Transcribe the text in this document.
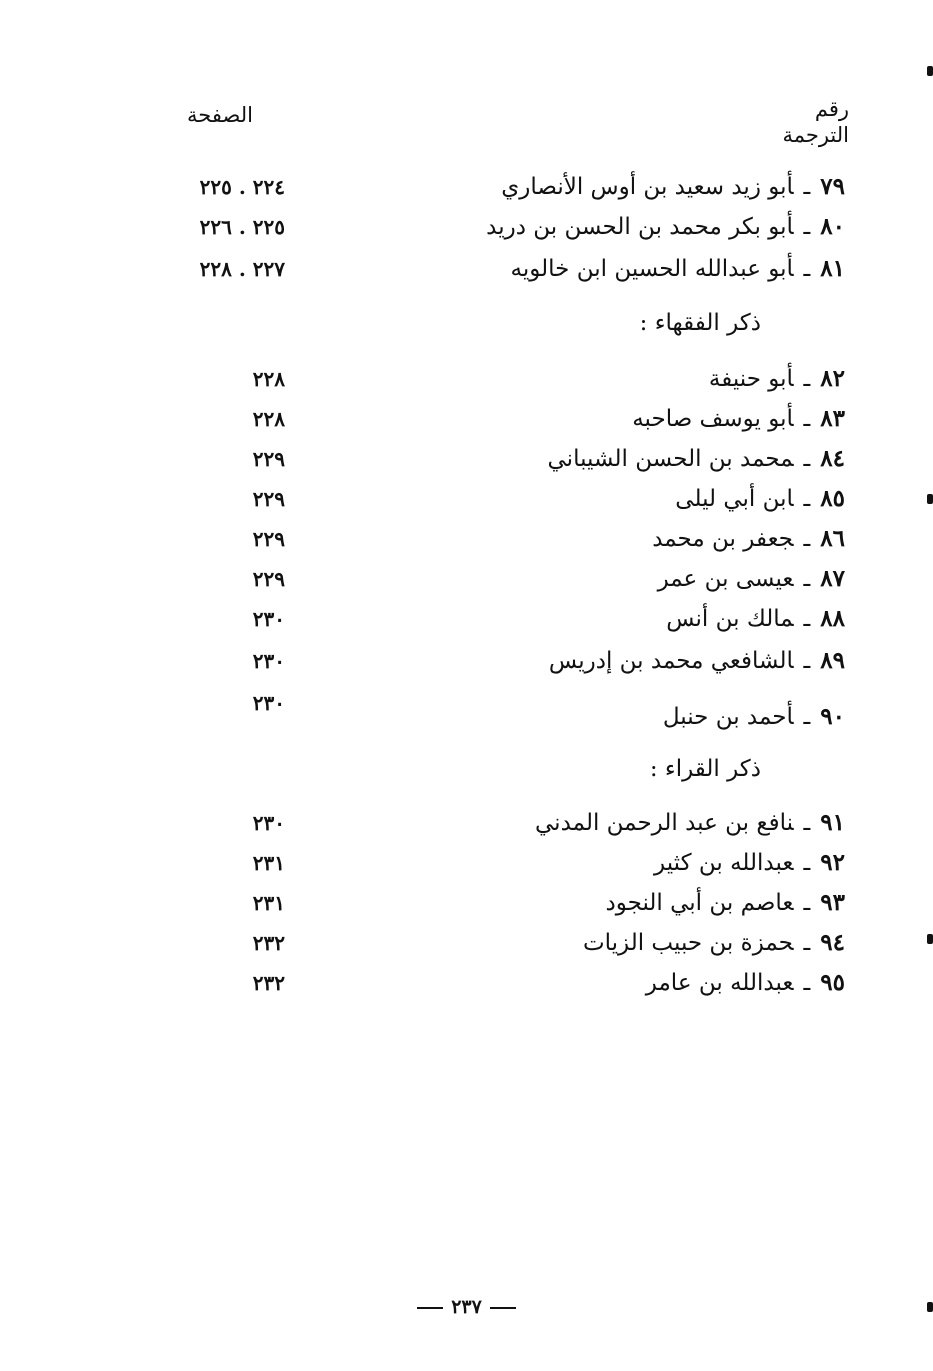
رقم
الترجمة
الصفحة
٧٩ـأبو زيد سعيد بن أوس الأنصاري
٢٢٤ . ٢٢٥
٨٠ـأبو بكر محمد بن الحسن بن دريد
٢٢٥ . ٢٢٦
٨١ـأبو عبدالله الحسين ابن خالويه
٢٢٧ . ٢٢٨
ذكر الفقهاء :
٨٢ـأبو حنيفة
٢٢٨
٨٣ـأبو يوسف صاحبه
٢٢٨
٨٤ـمحمد بن الحسن الشيباني
٢٢٩
٨٥ـابن أبي ليلى
٢٢٩
٨٦ـجعفر بن محمد
٢٢٩
٨٧ـعيسى بن عمر
٢٢٩
٨٨ـمالك بن أنس
٢٣٠
٨٩ـالشافعي محمد بن إدريس
٢٣٠
٩٠ـأحمد بن حنبل
٢٣٠
ذكر القراء :
٩١ـنافع بن عبد الرحمن المدني
٢٣٠
٩٢ـعبدالله بن كثير
٢٣١
٩٣ـعاصم بن أبي النجود
٢٣١
٩٤ـحمزة بن حبيب الزيات
٢٣٢
٩٥ـعبدالله بن عامر
٢٣٢
٢٣٧
